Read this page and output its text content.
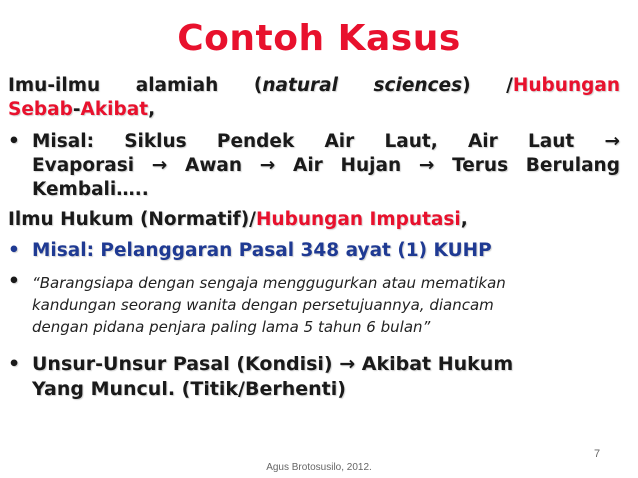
Contoh Kasus
Imu-ilmu alamiah (natural sciences) /Hubungan
Sebab-Akibat,
• Misal: Siklus Pendek Air Laut, Air Laut →
Evaporasi → Awan → Air Hujan → Terus Berulang
Kembali…..
Ilmu Hukum (Normatif)/Hubungan Imputasi,
• Misal: Pelanggaran Pasal 348 ayat (1) KUHP
• “Barangsiapa dengan sengaja menggugurkan atau mematikan
kandungan seorang wanita dengan persetujuannya, diancam
dengan pidana penjara paling lama 5 tahun 6 bulan”
• Unsur-Unsur Pasal (Kondisi) → Akibat Hukum
Yang Muncul. (Titik/Berhenti)
7
Agus Brotosusilo, 2012.
